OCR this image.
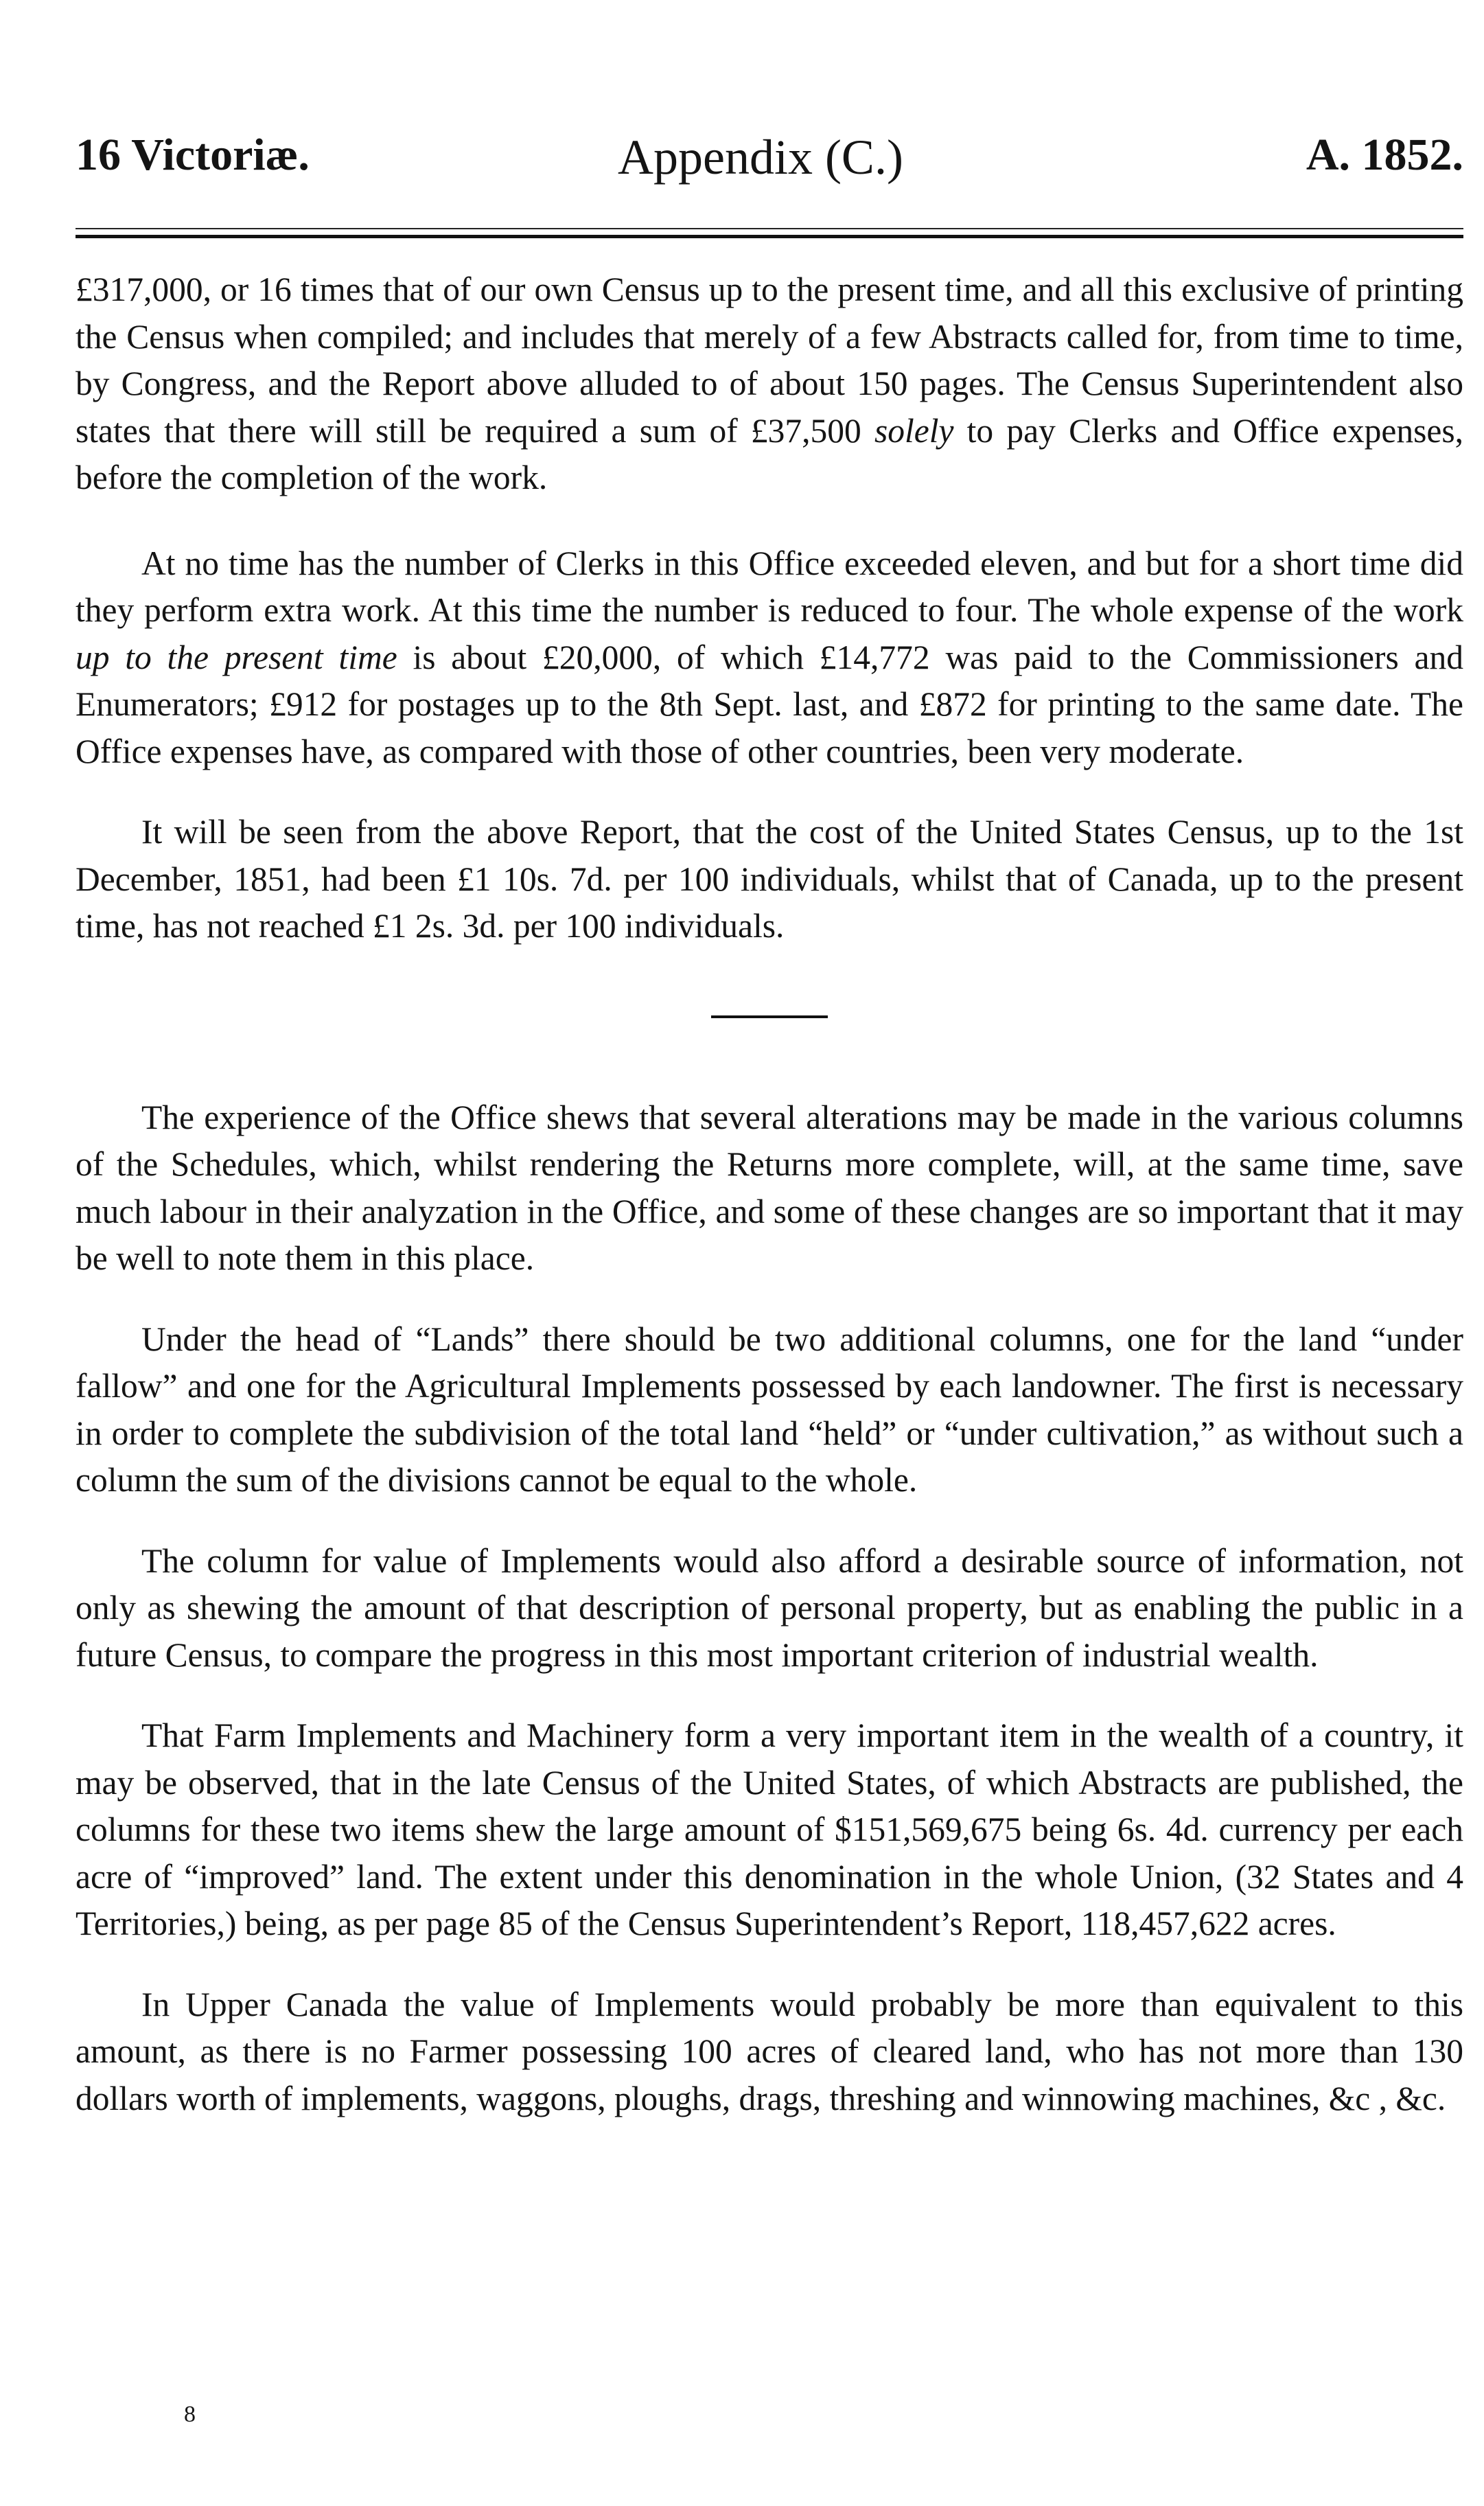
16 Victoriæ.	Appendix (C.)	A. 1852.

£317,000, or 16 times that of our own Census up to the present time, and all this exclusive of printing the Census when compiled; and includes that merely of a few Abstracts called for, from time to time, by Congress, and the Report above alluded to of about 150 pages. The Census Superintendent also states that there will still be required a sum of £37,500 solely to pay Clerks and Office expenses, before the completion of the work.

At no time has the number of Clerks in this Office exceeded eleven, and but for a short time did they perform extra work. At this time the number is reduced to four. The whole expense of the work up to the present time is about £20,000, of which £14,772 was paid to the Commissioners and Enumerators; £912 for postages up to the 8th Sept. last, and £872 for printing to the same date. The Office expenses have, as compared with those of other countries, been very moderate.

It will be seen from the above Report, that the cost of the United States Census, up to the 1st December, 1851, had been £1 10s. 7d. per 100 individuals, whilst that of Canada, up to the present time, has not reached £1 2s. 3d. per 100 individuals.

The experience of the Office shews that several alterations may be made in the various columns of the Schedules, which, whilst rendering the Returns more complete, will, at the same time, save much labour in their analyzation in the Office, and some of these changes are so important that it may be well to note them in this place.

Under the head of “Lands” there should be two additional columns, one for the land “under fallow” and one for the Agricultural Implements possessed by each landowner. The first is necessary in order to complete the subdivision of the total land “held” or “under cultivation,” as without such a column the sum of the divisions cannot be equal to the whole.

The column for value of Implements would also afford a desirable source of information, not only as shewing the amount of that description of personal property, but as enabling the public in a future Census, to compare the progress in this most important criterion of industrial wealth.

That Farm Implements and Machinery form a very important item in the wealth of a country, it may be observed, that in the late Census of the United States, of which Abstracts are published, the columns for these two items shew the large amount of $151,569,675 being 6s. 4d. currency per each acre of “improved” land. The extent under this denomination in the whole Union, (32 States and 4 Territories,) being, as per page 85 of the Census Superintendent’s Report, 118,457,622 acres.

In Upper Canada the value of Implements would probably be more than equivalent to this amount, as there is no Farmer possessing 100 acres of cleared land, who has not more than 130 dollars worth of implements, waggons, ploughs, drags, threshing and winnowing machines, &c , &c.

8
